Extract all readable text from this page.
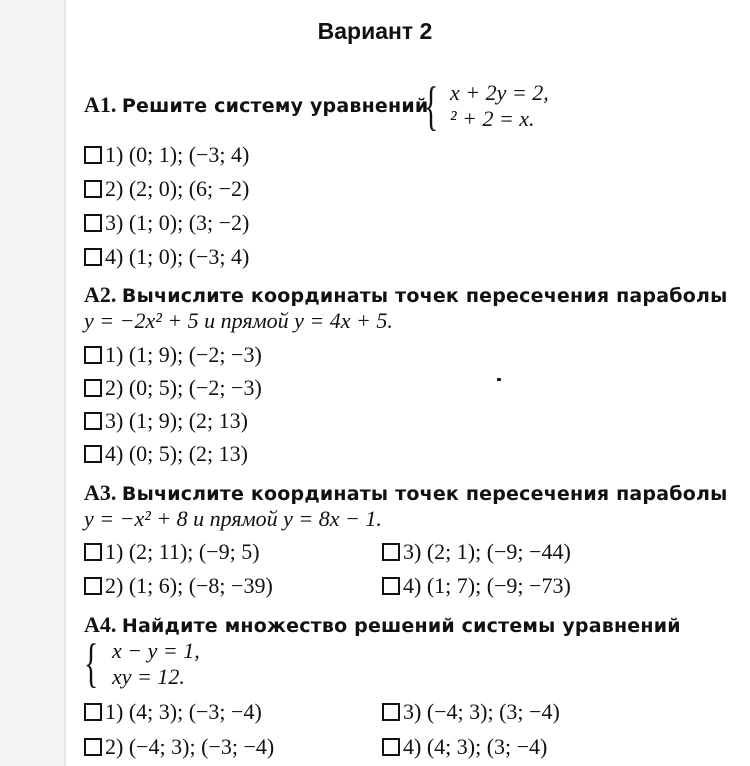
Вариант 2
А1. Решите систему уравнений
{ x + 2y = 2,
² + 2 = x.
1) (0; 1); (−3; 4)
2) (2; 0); (6; −2)
3) (1; 0); (3; −2)
4) (1; 0); (−3; 4)
А2. Вычислите координаты точек пересечения параболы
y = −2x² + 5 и прямой y = 4x + 5.
1) (1; 9); (−2; −3)
2) (0; 5); (−2; −3)
3) (1; 9); (2; 13)
4) (0; 5); (2; 13)
А3. Вычислите координаты точек пересечения параболы
y = −x² + 8 и прямой y = 8x − 1.
1) (2; 11); (−9; 5)	3) (2; 1); (−9; −44)
2) (1; 6); (−8; −39)	4) (1; 7); (−9; −73)
А4. Найдите множество решений системы уравнений
{ x − y = 1,
xy = 12.
1) (4; 3); (−3; −4)	3) (−4; 3); (3; −4)
2) (−4; 3); (−3; −4)	4) (4; 3); (3; −4)
